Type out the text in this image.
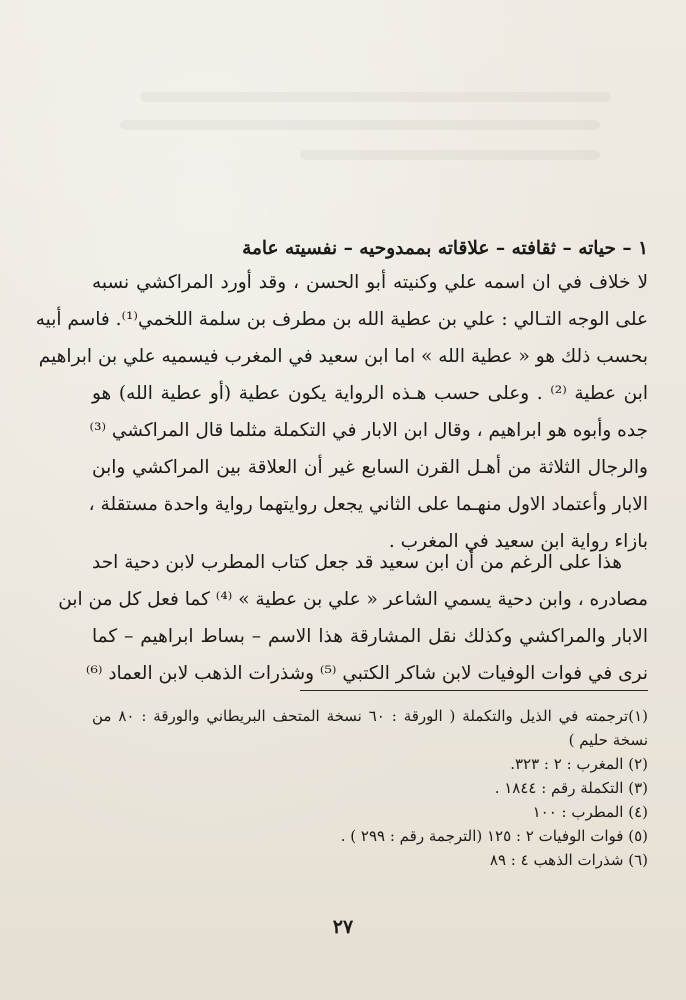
١ – حياته – ثقافته – علاقاته بممدوحيه – نفسيته عامة
لا خلاف في ان اسمه علي وكنيته أبو الحسن ، وقد أورد المراكشي نسبه
على الوجه التـالي : علي بن عطية الله بن مطرف بن سلمة اللخمي⁽¹⁾. فاسم أبيه
بحسب ذلك هو « عطية الله » اما ابن سعيد في المغرب فيسميه علي بن ابراهيم
ابن عطية ⁽²⁾ . وعلى حسب هـذه الرواية يكون عطية (أو عطية الله) هو
جده وأبوه هو ابراهيم ، وقال ابن الابار في التكملة مثلما قال المراكشي ⁽³⁾
والرجال الثلاثة من أهـل القرن السابع غير أن العلاقة بين المراكشي وابن
الابار وأعتماد الاول منهـما على الثاني يجعل روايتهما رواية واحدة مستقلة ،
بازاء رواية ابن سعيد في المغرب .
هذا على الرغم من أن ابن سعيد قد جعل كتاب المطرب لابن دحية احد
مصادره ، وابن دحية يسمي الشاعر « علي بن عطية » ⁽⁴⁾ كما فعل كل من ابن
الابار والمراكشي وكذلك نقل المشارقة هذا الاسم – بساط ابراهيم – كما
نرى في فوات الوفيات لابن شاكر الكتبي ⁽⁵⁾ وشذرات الذهب لابن العماد ⁽⁶⁾
(١)ترجمته في الذيل والتكملة ( الورقة : ٦٠ نسخة المتحف البريطاني والورقة : ٨٠ من
نسخة حليم )
(٢) المغرب : ٢ : ٣٢٣.
(٣) التكملة رقم : ١٨٤٤ .
(٤) المطرب : ١٠٠
(٥) فوات الوفيات ٢ : ١٢٥ (الترجمة رقم : ٢٩٩ ) .
(٦) شذرات الذهب ٤ : ٨٩
٢٧
